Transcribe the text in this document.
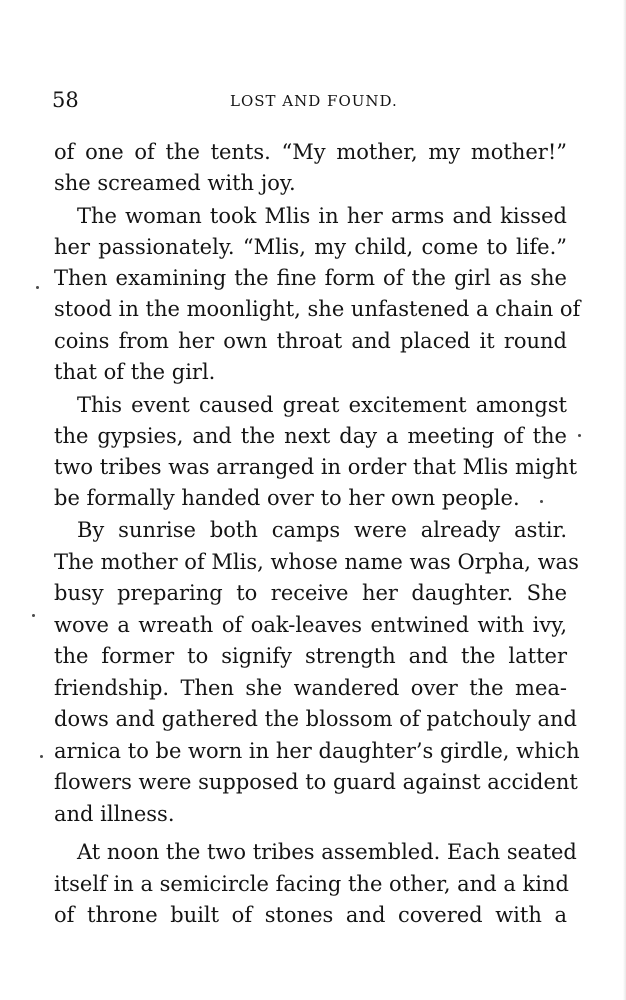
58	LOST AND FOUND.
of one of the tents. “My mother, my mother!”
she screamed with joy.
The woman took Mlis in her arms and kissed
her passionately. “Mlis, my child, come to life.”
Then examining the fine form of the girl as she
stood in the moonlight, she unfastened a chain of
coins from her own throat and placed it round
that of the girl.
This event caused great excitement amongst
the gypsies, and the next day a meeting of the
two tribes was arranged in order that Mlis might
be formally handed over to her own people.
By sunrise both camps were already astir.
The mother of Mlis, whose name was Orpha, was
busy preparing to receive her daughter. She
wove a wreath of oak-leaves entwined with ivy,
the former to signify strength and the latter
friendship. Then she wandered over the mea-
dows and gathered the blossom of patchouly and
arnica to be worn in her daughter’s girdle, which
flowers were supposed to guard against accident
and illness.
At noon the two tribes assembled. Each seated
itself in a semicircle facing the other, and a kind
of throne built of stones and covered with a
